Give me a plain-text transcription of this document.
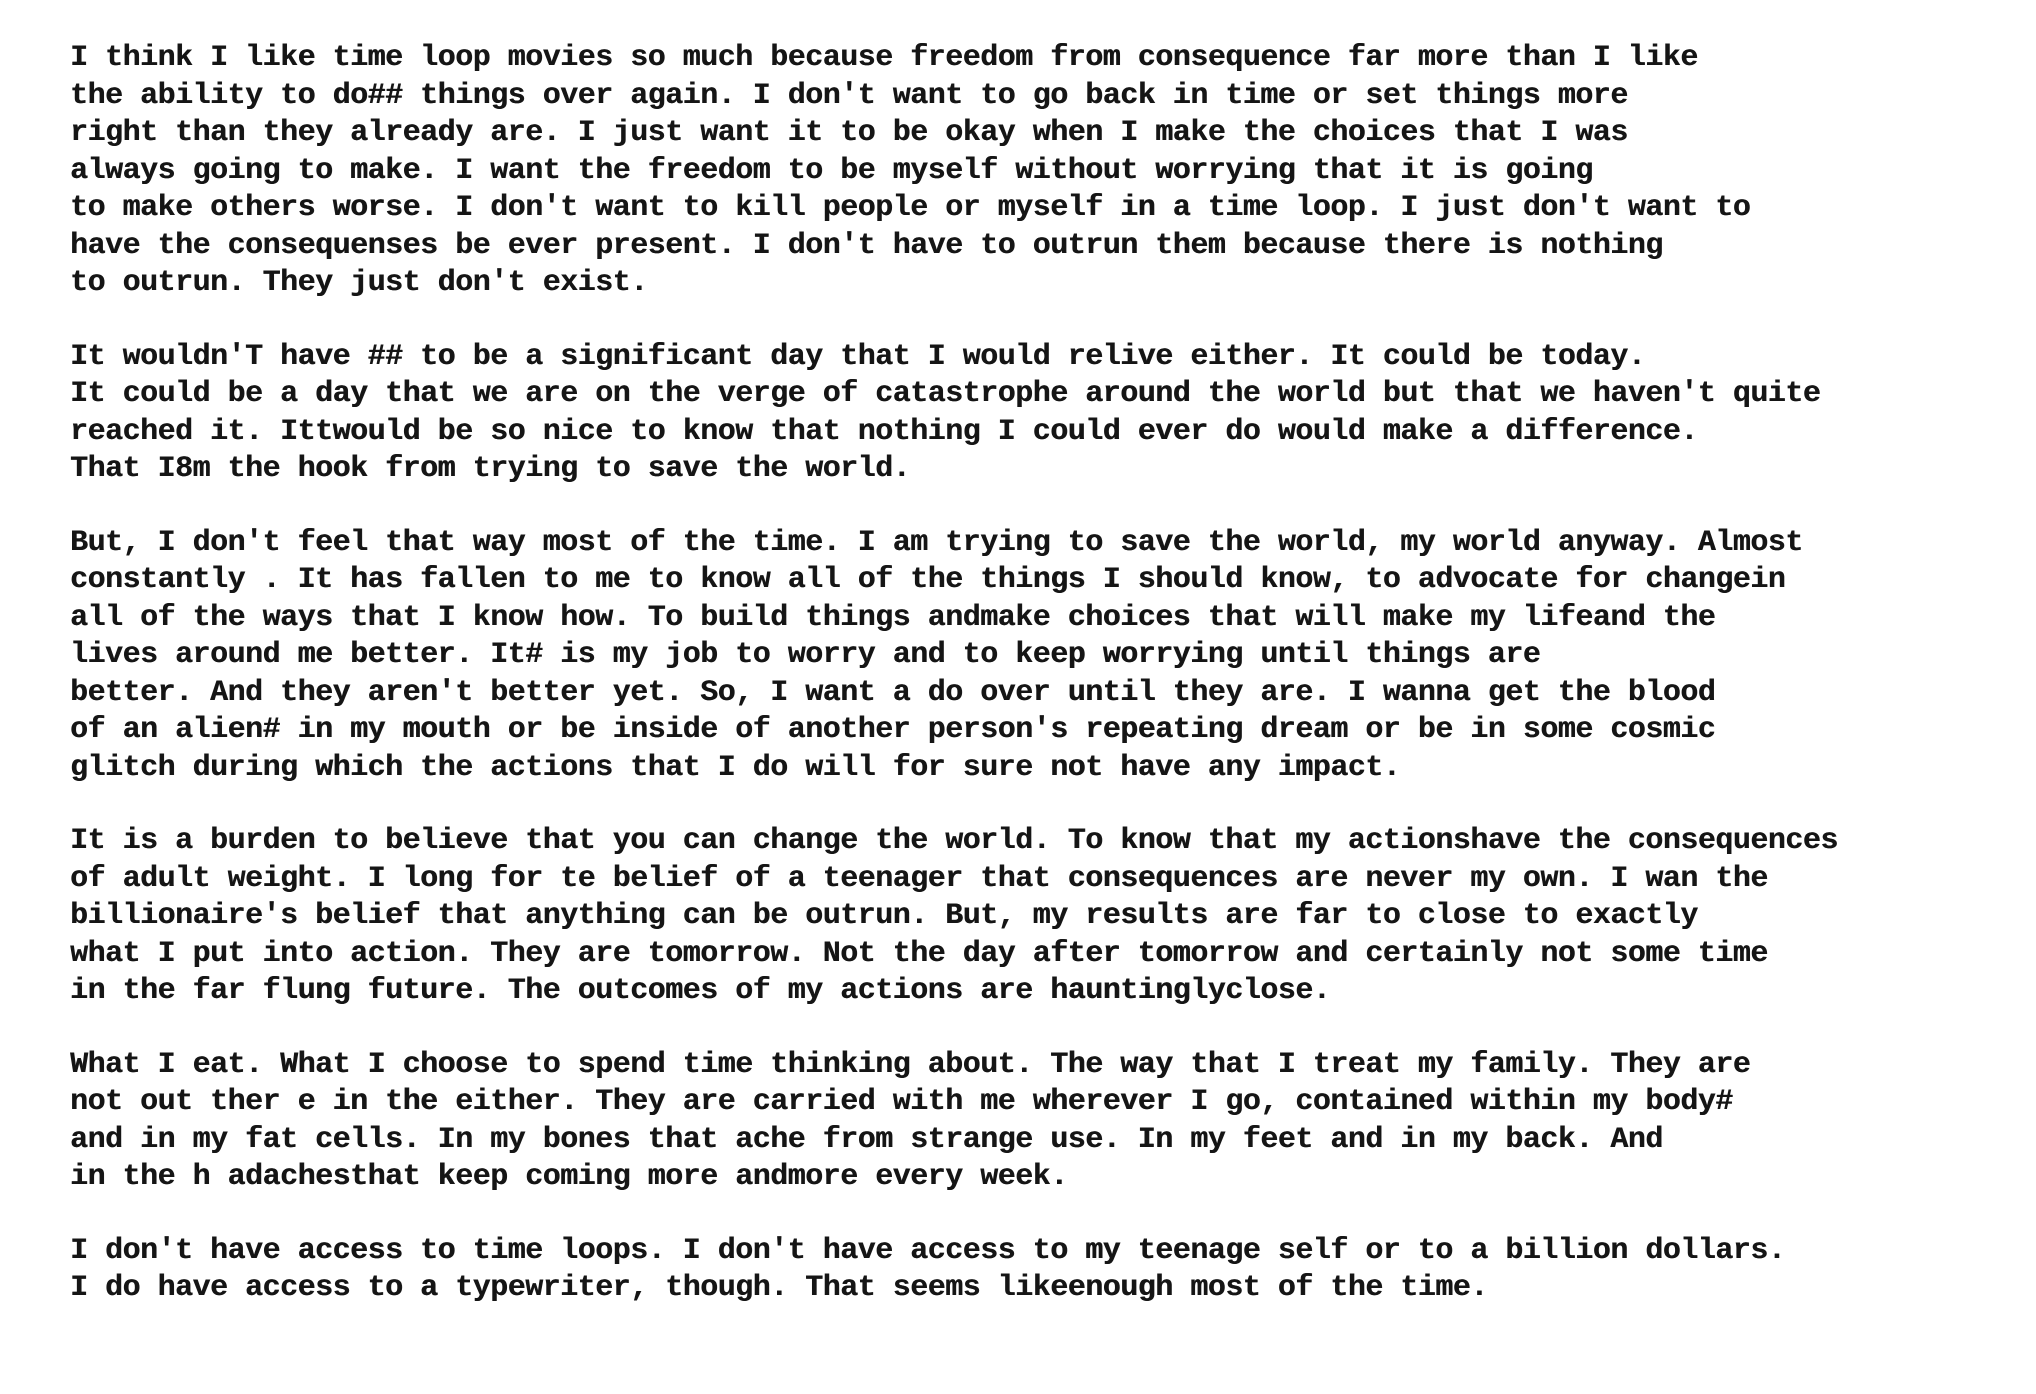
I think I like time loop movies so much because freedom from consequence far more than I like
the ability to do## things over again. I don't want to go back in time or set things more
right than they already are. I just want it to be okay when I make the choices that I was
always going to make. I want the freedom to be myself without worrying that it is going
to make others worse. I don't want to kill people or myself in a time loop. I just don't want to
have the consequenses be ever present. I don't have to outrun them because there is nothing
to outrun. They just don't exist.
It wouldn'T have ## to be a significant day that I would relive either. It could be today.
It could be a day that we are on the verge of catastrophe around the world but that we haven't quite
reached it. Ittwould be so nice to know that nothing I could ever do would make a difference.
That I8m the hook from trying to save the world.
But, I don't feel that way most of the time. I am trying to save the world, my world anyway. Almost
constantly . It has fallen to me to know all of the things I should know, to advocate for changein
all of the ways that I know how. To build things andmake choices that will make my lifeand the
lives around me better. It# is my job to worry and to keep worrying until things are
better. And they aren't better yet. So, I want a do over until they are. I wanna get the blood
of an alien# in my mouth or be inside of another person's repeating dream or be in some cosmic
glitch during which the actions that I do will for sure not have any impact.
It is a burden to believe that you can change the world. To know that my actionshave the consequences
of adult weight. I long for te belief of a teenager that consequences are never my own. I wan the
billionaire's belief that anything can be outrun. But, my results are far to close to exactly
what I put into action. They are tomorrow. Not the day after tomorrow and certainly not some time
in the far flung future. The outcomes of my actions are hauntinglyclose.
What I eat. What I choose to spend time thinking about. The way that I treat my family. They are
not out ther e in the either. They are carried with me wherever I go, contained within my body#
and in my fat cells. In my bones that ache from strange use. In my feet and in my back. And
in the h adachesthat keep coming more andmore every week.
I don't have access to time loops. I don't have access to my teenage self or to a billion dollars.
I do have access to a typewriter, though. That seems likeenough most of the time.
